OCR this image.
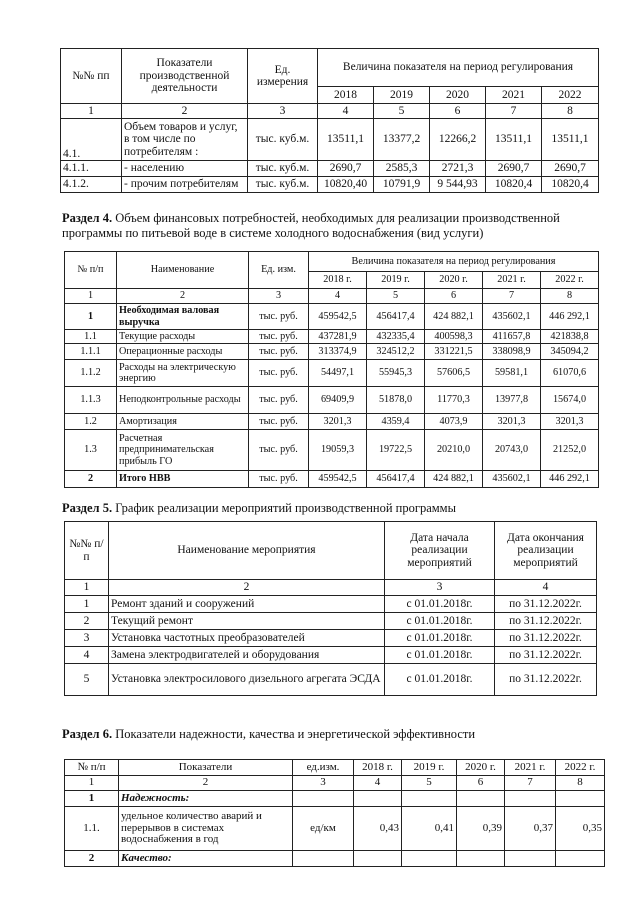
№№ пп	Показатели производственной деятельности	Ед. измерения	Величина показателя на период регулирования				
			2018	2019	2020	2021	2022
1	2	3	4	5	6	7	8
4.1.	Объем товаров и услуг, в том числе по потребителям :	тыс. куб.м.	13511,1	13377,2	12266,2	13511,1	13511,1
4.1.1.	- населению	тыс. куб.м.	2690,7	2585,3	2721,3	2690,7	2690,7
4.1.2.	- прочим потребителям	тыс. куб.м.	10820,40	10791,9	9 544,93	10820,4	10820,4

Раздел 4. Объем финансовых потребностей, необходимых для реализации производственной программы по питьевой воде в системе холодного водоснабжения (вид услуги)

№ п/п	Наименование	Ед. изм.	Величина показателя на период регулирования				
			2018 г.	2019 г.	2020 г.	2021 г.	2022 г.
1	2	3	4	5	6	7	8
1	Необходимая валовая выручка	тыс. руб.	459542,5	456417,4	424 882,1	435602,1	446 292,1
1.1	Текущие расходы	тыс. руб.	437281,9	432335,4	400598,3	411657,8	421838,8
1.1.1	Операционные расходы	тыс. руб.	313374,9	324512,2	331221,5	338098,9	345094,2
1.1.2	Расходы на электрическую энергию	тыс. руб.	54497,1	55945,3	57606,5	59581,1	61070,6
1.1.3	Неподконтрольные расходы	тыс. руб.	69409,9	51878,0	11770,3	13977,8	15674,0
1.2	Амортизация	тыс. руб.	3201,3	4359,4	4073,9	3201,3	3201,3
1.3	Расчетная предпринимательская прибыль ГО	тыс. руб.	19059,3	19722,5	20210,0	20743,0	21252,0
2	Итого НВВ	тыс. руб.	459542,5	456417,4	424 882,1	435602,1	446 292,1

Раздел 5. График реализации мероприятий производственной программы

№№ п/п	Наименование мероприятия	Дата начала реализации мероприятий	Дата окончания реализации мероприятий
1	2	3	4
1	Ремонт зданий и сооружений	с 01.01.2018г.	по 31.12.2022г.
2	Текущий ремонт	с 01.01.2018г.	по 31.12.2022г.
3	Установка частотных преобразователей	с 01.01.2018г.	по 31.12.2022г.
4	Замена электродвигателей и оборудования	с 01.01.2018г.	по 31.12.2022г.
5	Установка электросилового дизельного агрегата ЭСДА	с 01.01.2018г.	по 31.12.2022г.

Раздел 6. Показатели надежности, качества и энергетической эффективности

№ п/п	Показатели	ед.изм.	2018 г.	2019 г.	2020 г.	2021 г.	2022 г.
1	2	3	4	5	6	7	8
1	Надежность:						
1.1.	удельное количество аварий и перерывов в системах водоснабжения в год	ед/км	0,43	0,41	0,39	0,37	0,35
2	Качество:						
